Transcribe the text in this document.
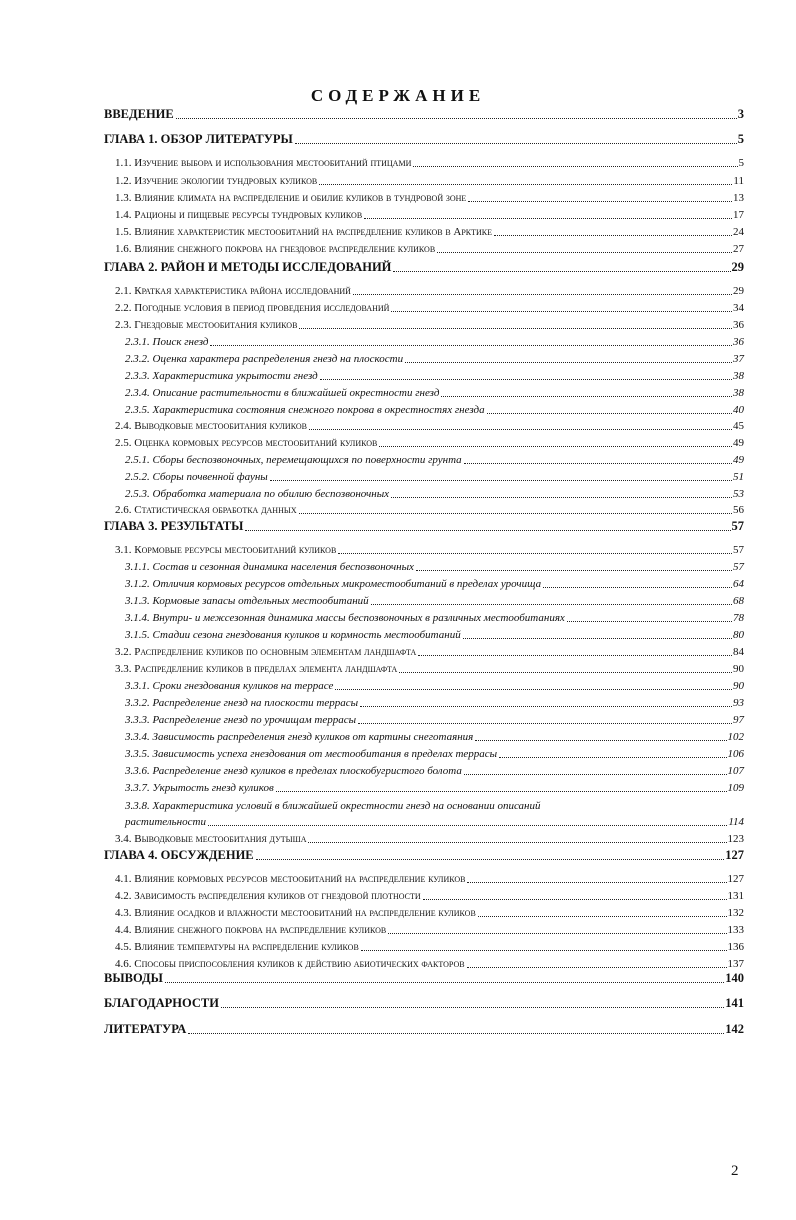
СОДЕРЖАНИЕ
ВВЕДЕНИЕ	3
ГЛАВА 1. ОБЗОР ЛИТЕРАТУРЫ	5
1.1. Изучение выбора и использования местообитаний птицами	5
1.2. Изучение экологии тундровых куликов	11
1.3. Влияние климата на распределение и обилие куликов в тундровой зоне	13
1.4. Рационы и пищевые ресурсы тундровых куликов	17
1.5. Влияние характеристик местообитаний на распределение куликов в Арктике	24
1.6. Влияние снежного покрова на гнездовое распределение куликов	27
ГЛАВА 2. РАЙОН И МЕТОДЫ ИССЛЕДОВАНИЙ	29
2.1. Краткая характеристика района исследований	29
2.2. Погодные условия в период проведения исследований	34
2.3. Гнездовые местообитания куликов	36
2.3.1. Поиск гнезд	36
2.3.2. Оценка характера распределения гнезд на плоскости	37
2.3.3. Характеристика укрытости гнезд	38
2.3.4. Описание растительности в ближайшей окрестности гнезд	38
2.3.5. Характеристика состояния снежного покрова в окрестностях гнезда	40
2.4. Выводковые местообитания куликов	45
2.5. Оценка кормовых ресурсов местообитаний куликов	49
2.5.1. Сборы беспозвоночных, перемещающихся по поверхности грунта	49
2.5.2. Сборы почвенной фауны	51
2.5.3. Обработка материала по обилию беспозвоночных	53
2.6. Статистическая обработка данных	56
ГЛАВА 3. РЕЗУЛЬТАТЫ	57
3.1. Кормовые ресурсы местообитаний куликов	57
3.1.1. Состав и сезонная динамика населения беспозвоночных	57
3.1.2. Отличия кормовых ресурсов отдельных микроместообитаний в пределах урочища	64
3.1.3. Кормовые запасы отдельных местообитаний	68
3.1.4. Внутри- и межсезонная динамика массы беспозвоночных в различных местообитаниях	78
3.1.5. Стадии сезона гнездования куликов и кормность местообитаний	80
3.2. Распределение куликов по основным элементам ландшафта	84
3.3. Распределение куликов в пределах элемента ландшафта	90
3.3.1. Сроки гнездования куликов на террасе	90
3.3.2. Распределение гнезд на плоскости террасы	93
3.3.3. Распределение гнезд по урочищам террасы	97
3.3.4. Зависимость распределения гнезд куликов от картины снеготаяния	102
3.3.5. Зависимость успеха гнездования от местообитания в пределах террасы	106
3.3.6. Распределение гнезд куликов в пределах плоскобугристого болота	107
3.3.7. Укрытость гнезд куликов	109
3.3.8. Характеристика условий в ближайшей окрестности гнезд на основании описаний
растительности	114
3.4. Выводковые местообитания дутыша	123
ГЛАВА 4. ОБСУЖДЕНИЕ	127
4.1. Влияние кормовых ресурсов местообитаний на распределение куликов	127
4.2. Зависимость распределения куликов от гнездовой плотности	131
4.3. Влияние осадков и влажности местообитаний на распределение куликов	132
4.4. Влияние снежного покрова на распределение куликов	133
4.5. Влияние температуры на распределение куликов	136
4.6. Способы приспособления куликов к действию абиотических факторов	137
ВЫВОДЫ	140
БЛАГОДАРНОСТИ	141
ЛИТЕРАТУРА	142
2
